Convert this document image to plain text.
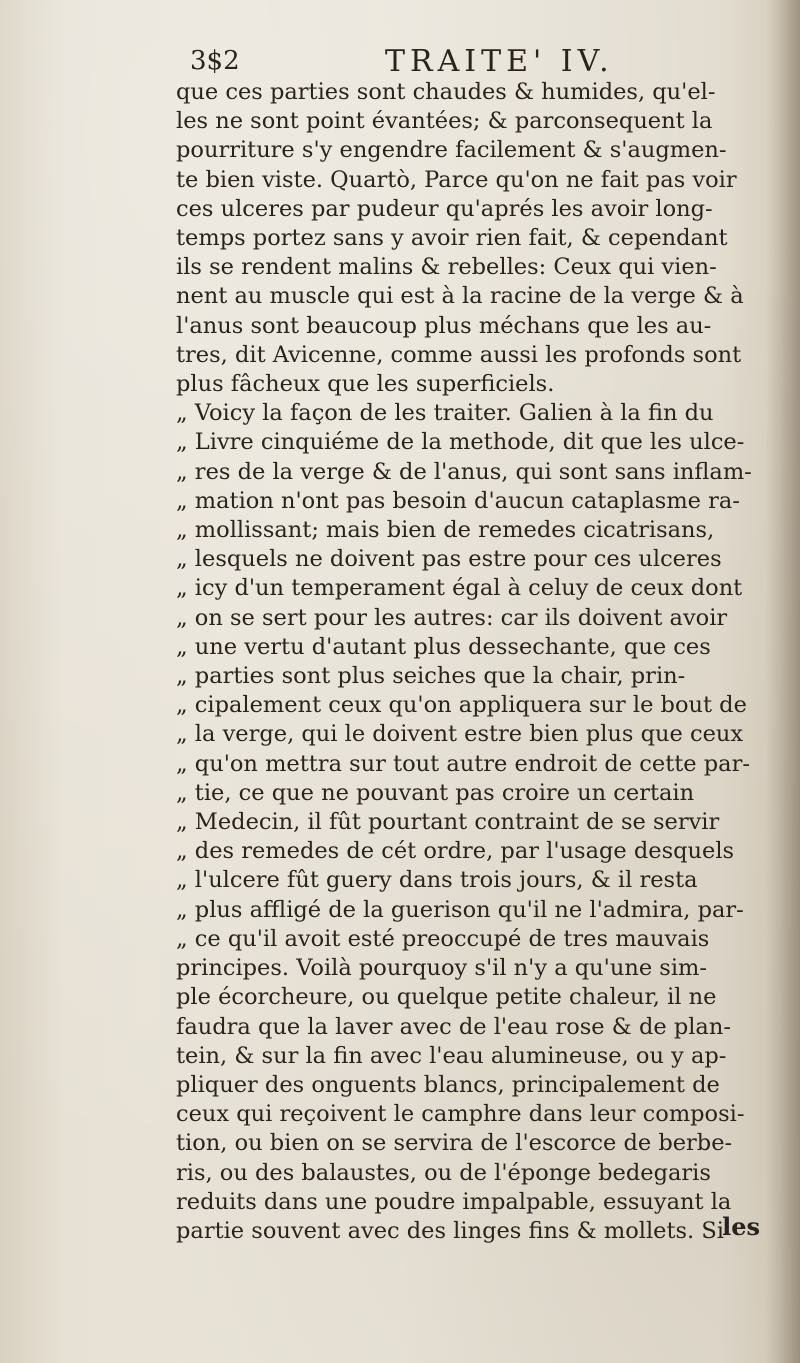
3$2	TRAITE' IV.
que ces parties sont chaudes & humides, qu'el-
les ne sont point évantées; & parconsequent la
pourriture s'y engendre facilement & s'augmen-
te bien viste. Quartò, Parce qu'on ne fait pas voir
ces ulceres par pudeur qu'aprés les avoir long-
temps portez sans y avoir rien fait, & cependant
ils se rendent malins & rebelles: Ceux qui vien-
nent au muscle qui est à la racine de la verge & à
l'anus sont beaucoup plus méchans que les au-
tres, dit Avicenne, comme aussi les profonds sont
plus fâcheux que les superficiels.
„ Voicy la façon de les traiter. Galien à la fin du
„ Livre cinquiéme de la methode, dit que les ulce-
„ res de la verge & de l'anus, qui sont sans inflam-
„ mation n'ont pas besoin d'aucun cataplasme ra-
„ mollissant; mais bien de remedes cicatrisans,
„ lesquels ne doivent pas estre pour ces ulceres
„ icy d'un temperament égal à celuy de ceux dont
„ on se sert pour les autres: car ils doivent avoir
„ une vertu d'autant plus dessechante, que ces
„ parties sont plus seiches que la chair, prin-
„ cipalement ceux qu'on appliquera sur le bout de
„ la verge, qui le doivent estre bien plus que ceux
„ qu'on mettra sur tout autre endroit de cette par-
„ tie, ce que ne pouvant pas croire un certain
„ Medecin, il fût pourtant contraint de se servir
„ des remedes de cét ordre, par l'usage desquels
„ l'ulcere fût guery dans trois jours, & il resta
„ plus affligé de la guerison qu'il ne l'admira, par-
„ ce qu'il avoit esté preoccupé de tres mauvais
principes. Voilà pourquoy s'il n'y a qu'une sim-
ple écorcheure, ou quelque petite chaleur, il ne
faudra que la laver avec de l'eau rose & de plan-
tein, & sur la fin avec l'eau alumineuse, ou y ap-
pliquer des onguents blancs, principalement de
ceux qui reçoivent le camphre dans leur composi-
tion, ou bien on se servira de l'escorce de berbe-
ris, ou des balaustes, ou de l'éponge bedegaris
reduits dans une poudre impalpable, essuyant la
partie souvent avec des linges fins & mollets. Si
les
